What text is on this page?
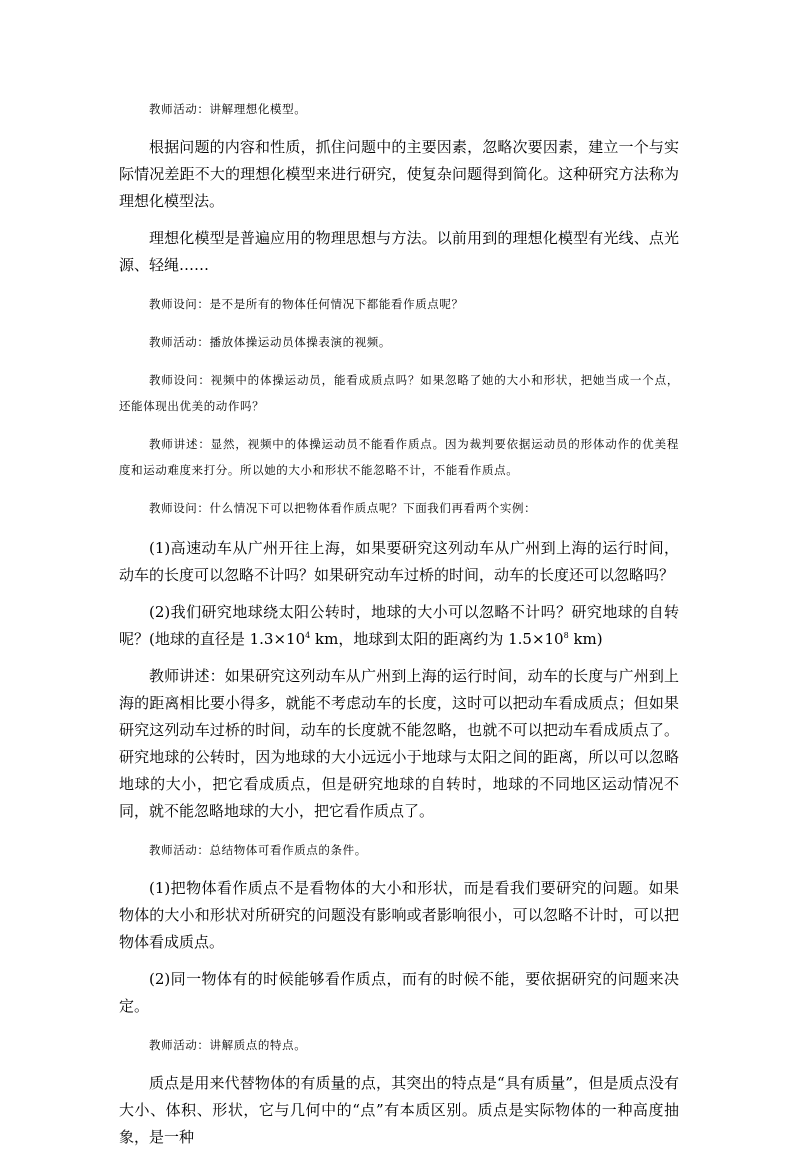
教师活动：讲解理想化模型。

根据问题的内容和性质，抓住问题中的主要因素，忽略次要因素，建立一个与实际情况差距不大的理想化模型来进行研究，使复杂问题得到简化。这种研究方法称为理想化模型法。

理想化模型是普遍应用的物理思想与方法。以前用到的理想化模型有光线、点光源、轻绳……

教师设问：是不是所有的物体任何情况下都能看作质点呢？

教师活动：播放体操运动员体操表演的视频。

教师设问：视频中的体操运动员，能看成质点吗？如果忽略了她的大小和形状，把她当成一个点，还能体现出优美的动作吗？

教师讲述：显然，视频中的体操运动员不能看作质点。因为裁判要依据运动员的形体动作的优美程度和运动难度来打分。所以她的大小和形状不能忽略不计，不能看作质点。

教师设问：什么情况下可以把物体看作质点呢？下面我们再看两个实例：

(1)高速动车从广州开往上海，如果要研究这列动车从广州到上海的运行时间，动车的长度可以忽略不计吗？如果研究动车过桥的时间，动车的长度还可以忽略吗？

(2)我们研究地球绕太阳公转时，地球的大小可以忽略不计吗？研究地球的自转呢？(地球的直径是 $1.3\times 10^4$ km，地球到太阳的距离约为 $1.5\times 10^8$ km)

教师讲述：如果研究这列动车从广州到上海的运行时间，动车的长度与广州到上海的距离相比要小得多，就能不考虑动车的长度，这时可以把动车看成质点；但如果研究这列动车过桥的时间，动车的长度就不能忽略，也就不可以把动车看成质点了。研究地球的公转时，因为地球的大小远远小于地球与太阳之间的距离，所以可以忽略地球的大小，把它看成质点，但是研究地球的自转时，地球的不同地区运动情况不同，就不能忽略地球的大小，把它看作质点了。

教师活动：总结物体可看作质点的条件。

(1)把物体看作质点不是看物体的大小和形状，而是看我们要研究的问题。如果物体的大小和形状对所研究的问题没有影响或者影响很小，可以忽略不计时，可以把物体看成质点。

(2)同一物体有的时候能够看作质点，而有的时候不能，要依据研究的问题来决定。

教师活动：讲解质点的特点。

质点是用来代替物体的有质量的点，其突出的特点是“具有质量”，但是质点没有大小、体积、形状，它与几何中的“点”有本质区别。质点是实际物体的一种高度抽象，是一种
